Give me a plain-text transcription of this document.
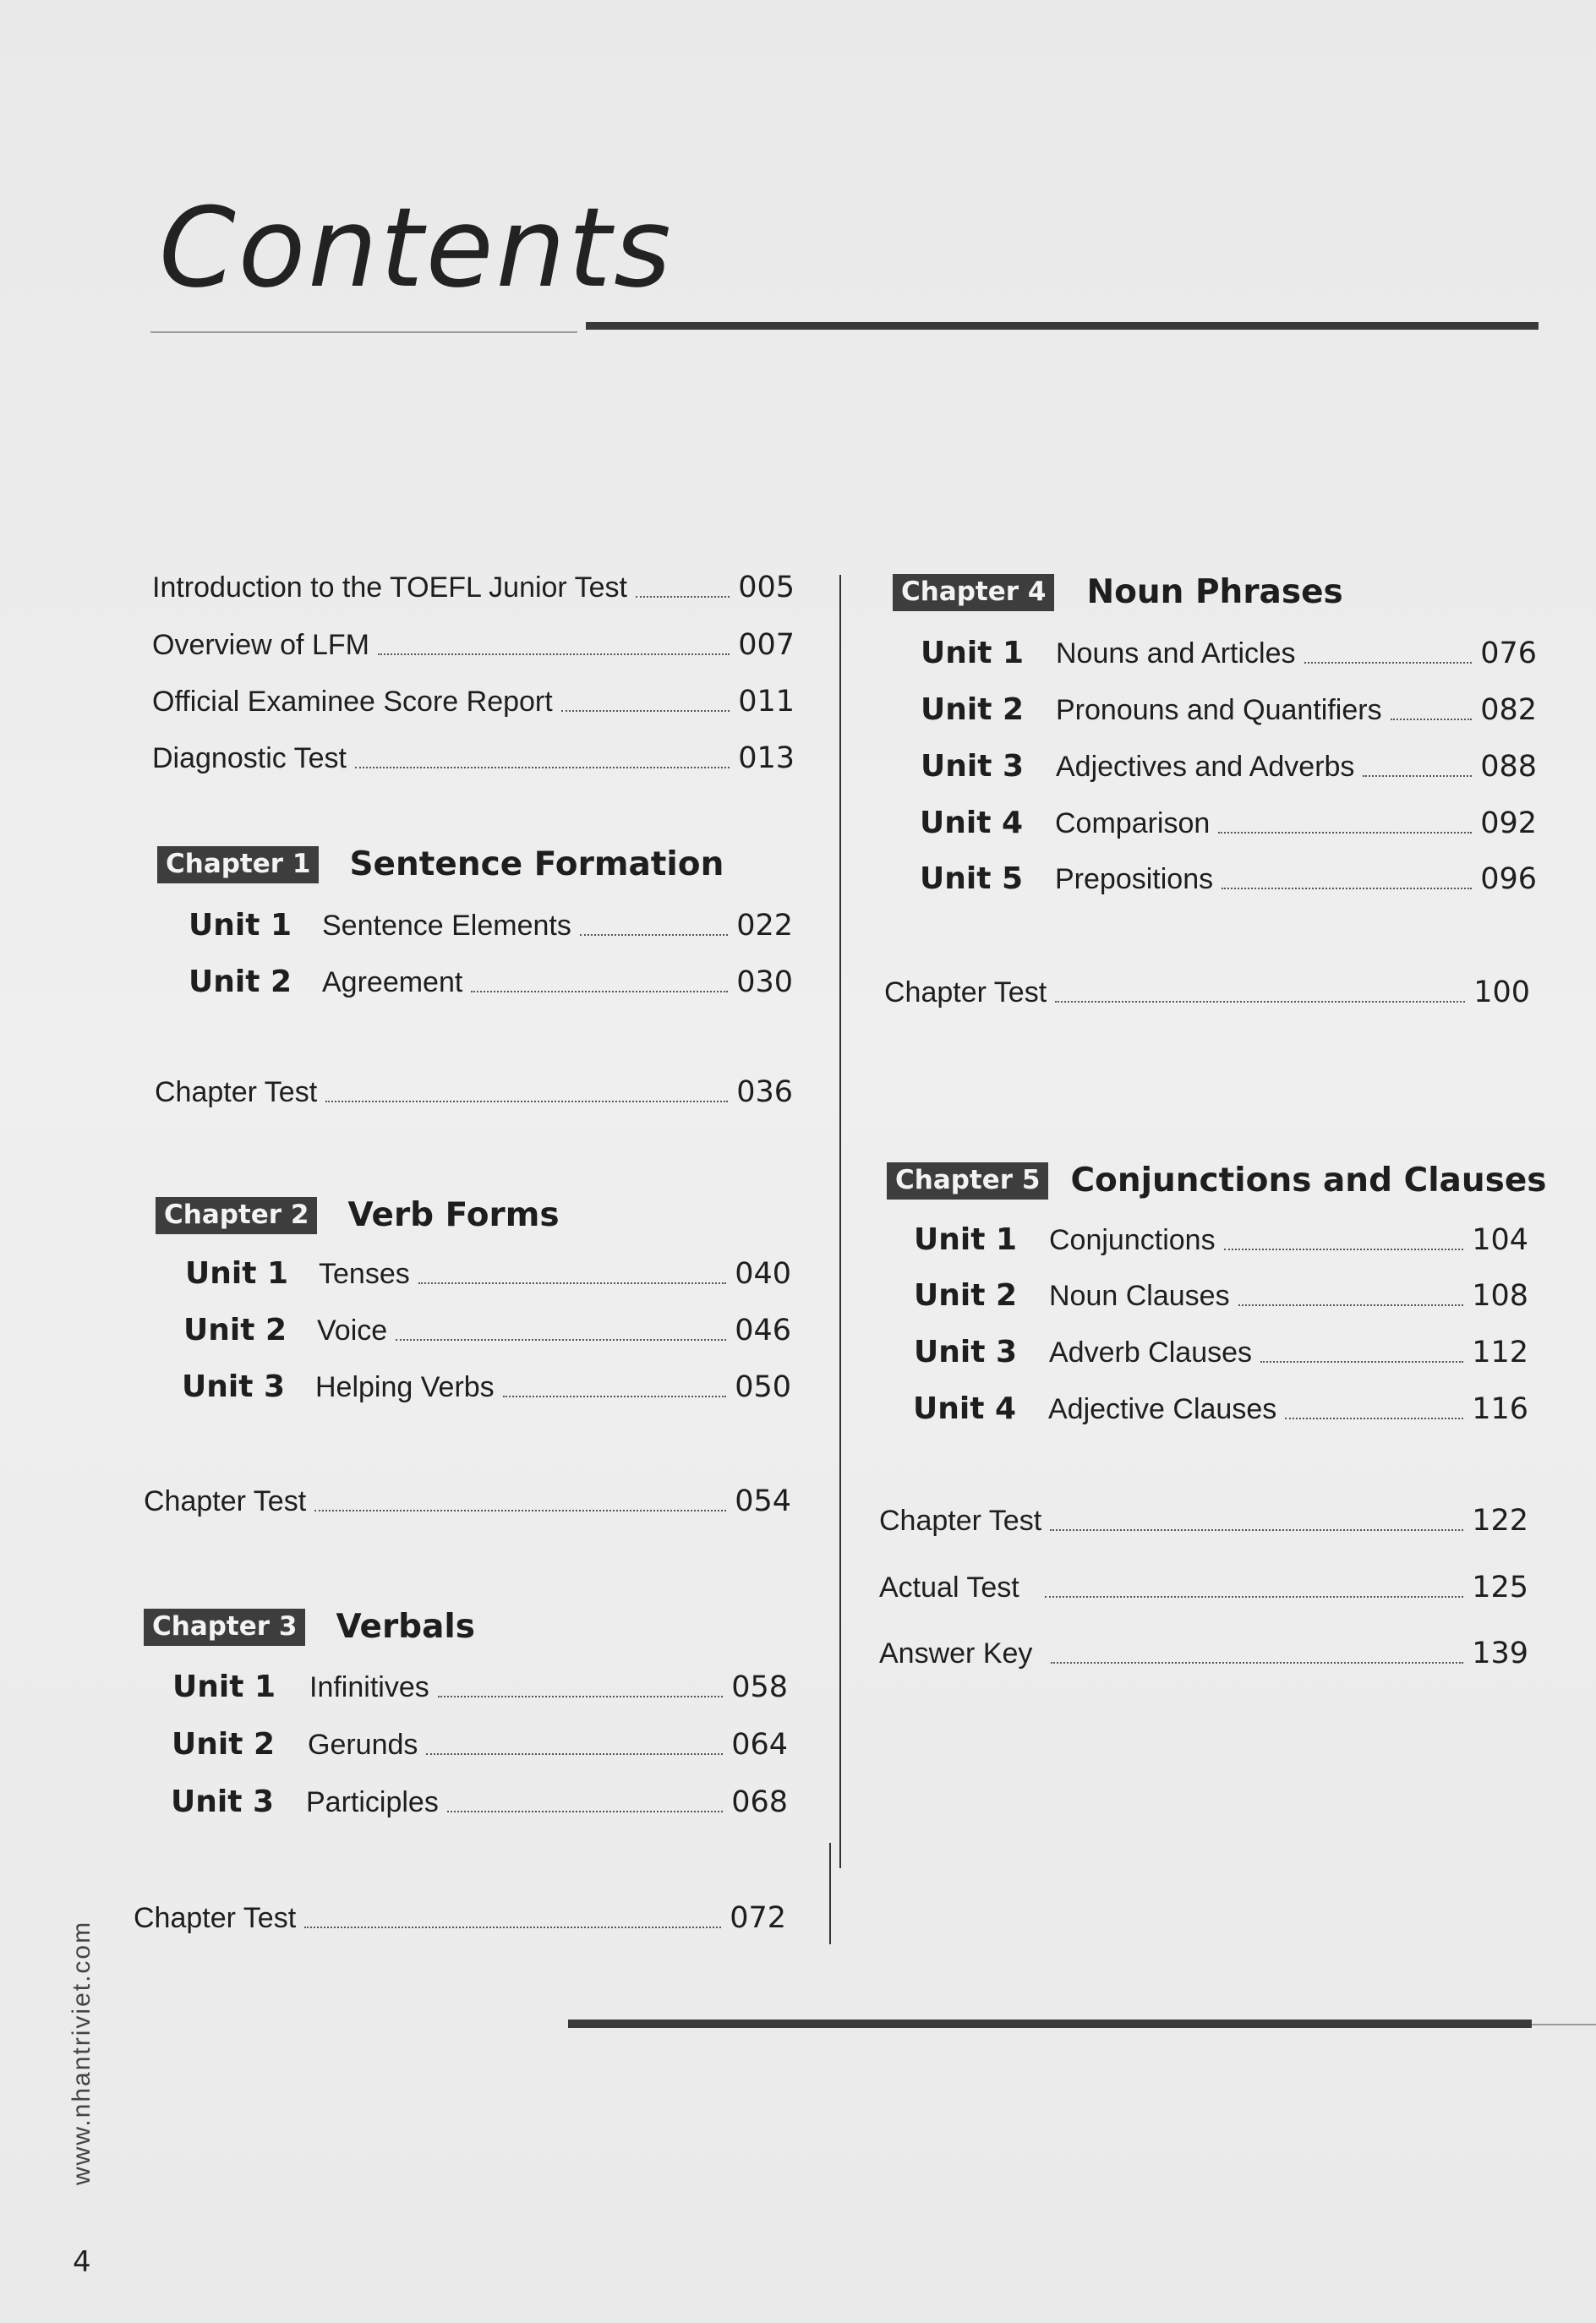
Contents
Introduction to the TOEFL Junior Test	005
Overview of LFM	007
Official Examinee Score Report	011
Diagnostic Test	013
Chapter 1 Sentence Formation
Unit 1	Sentence Elements	022
Unit 2	Agreement	030
Chapter Test	036
Chapter 2 Verb Forms
Unit 1	Tenses	040
Unit 2	Voice	046
Unit 3	Helping Verbs	050
Chapter Test	054
Chapter 3 Verbals
Unit 1	Infinitives	058
Unit 2	Gerunds	064
Unit 3	Participles	068
Chapter Test	072
Chapter 4 Noun Phrases
Unit 1	Nouns and Articles	076
Unit 2	Pronouns and Quantifiers	082
Unit 3	Adjectives and Adverbs	088
Unit 4	Comparison	092
Unit 5	Prepositions	096
Chapter Test	100
Chapter 5 Conjunctions and Clauses
Unit 1	Conjunctions	104
Unit 2	Noun Clauses	108
Unit 3	Adverb Clauses	112
Unit 4	Adjective Clauses	116
Chapter Test	122
Actual Test	125
Answer Key	139
www.nhantriviet.com
4
